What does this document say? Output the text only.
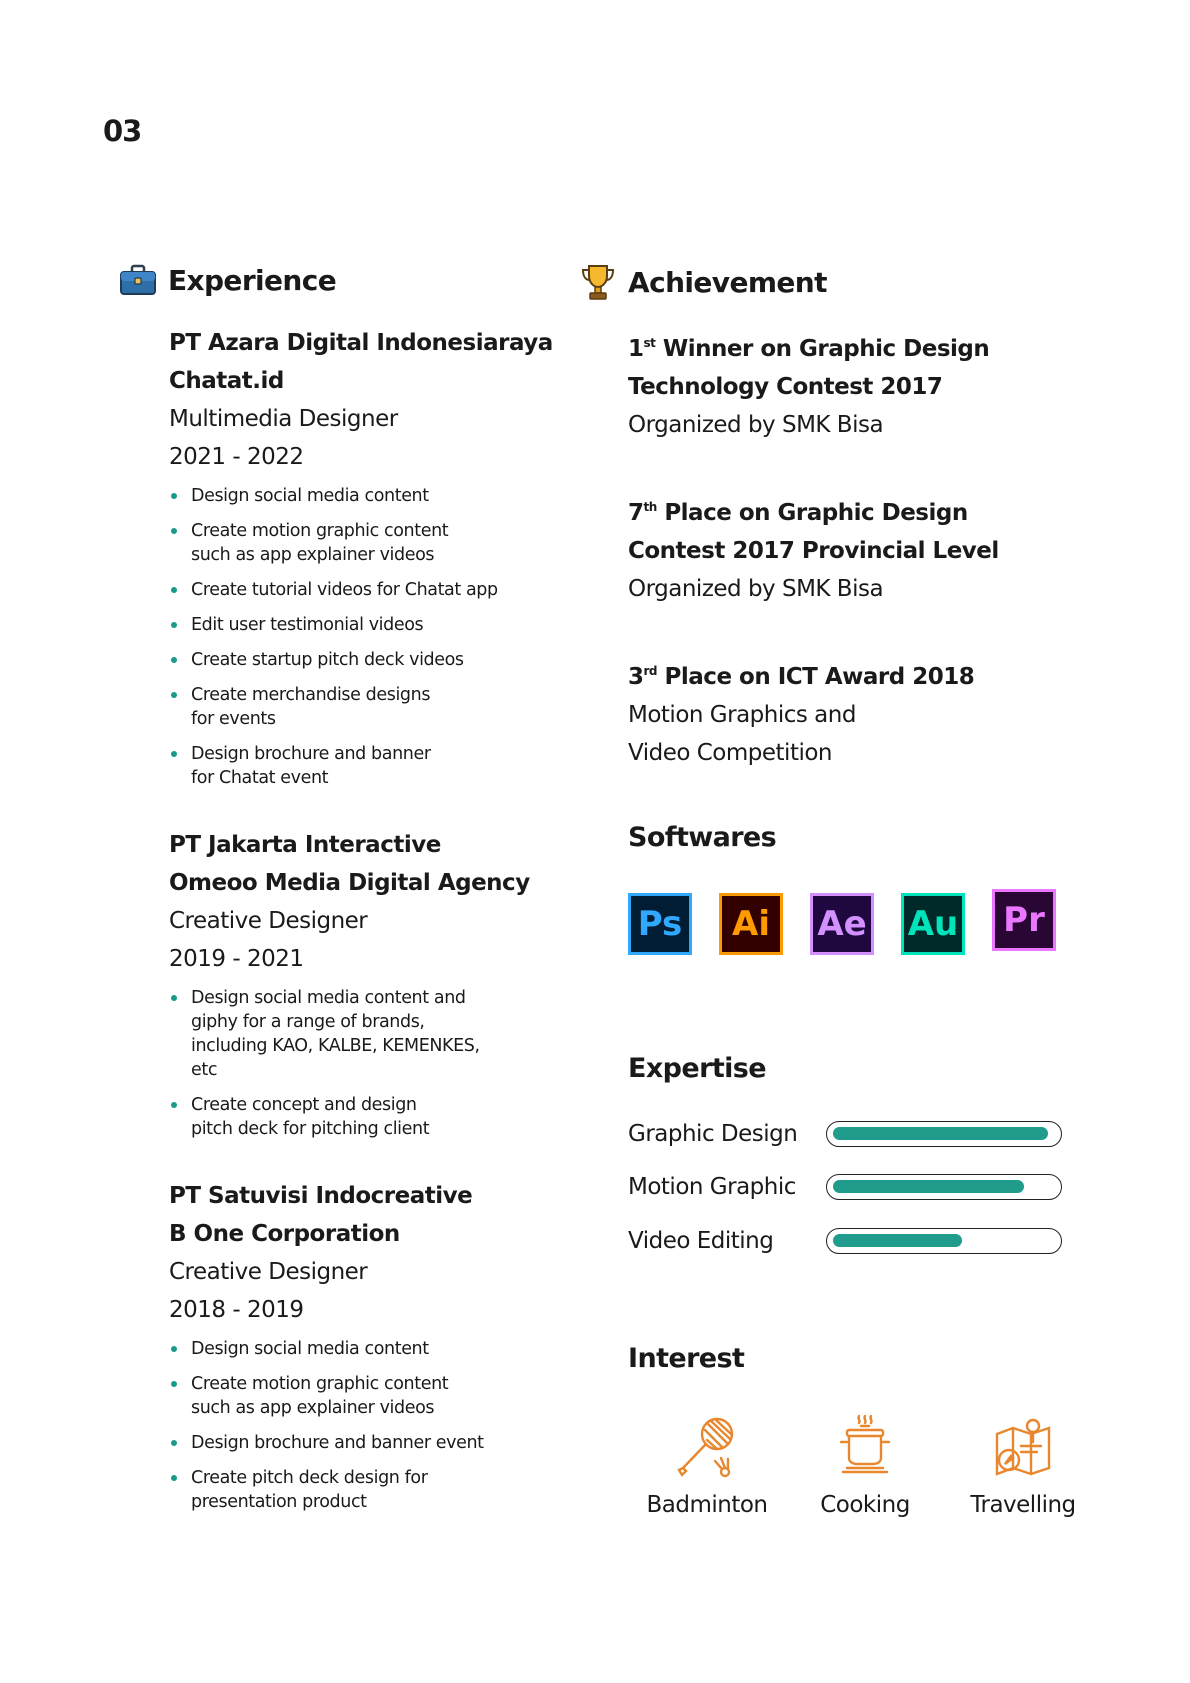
03
Experience	Achievement
PT Azara Digital Indonesiaraya
Chatat.id
Multimedia Designer
2021 - 2022
Design social media content
Create motion graphic content such as app explainer videos
Create tutorial videos for Chatat app
Edit user testimonial videos
Create startup pitch deck videos
Create merchandise designs for events
Design brochure and banner for Chatat event
PT Jakarta Interactive
Omeoo Media Digital Agency
Creative Designer
2019 - 2021
Design social media content and giphy for a range of brands, including KAO, KALBE, KEMENKES, etc
Create concept and design pitch deck for pitching client
PT Satuvisi Indocreative
B One Corporation
Creative Designer
2018 - 2019
Design social media content
Create motion graphic content such as app explainer videos
Design brochure and banner event
Create pitch deck design for presentation product
1st Winner on Graphic Design
Technology Contest 2017
Organized by SMK Bisa
7th Place on Graphic Design
Contest 2017 Provincial Level
Organized by SMK Bisa
3rd Place on ICT Award 2018
Motion Graphics and
Video Competition
Softwares
Ps	Ai	Ae Au	Pr
Expertise
Graphic Design
Motion Graphic
Video Editing
Interest
Badminton Cooking	Travelling
